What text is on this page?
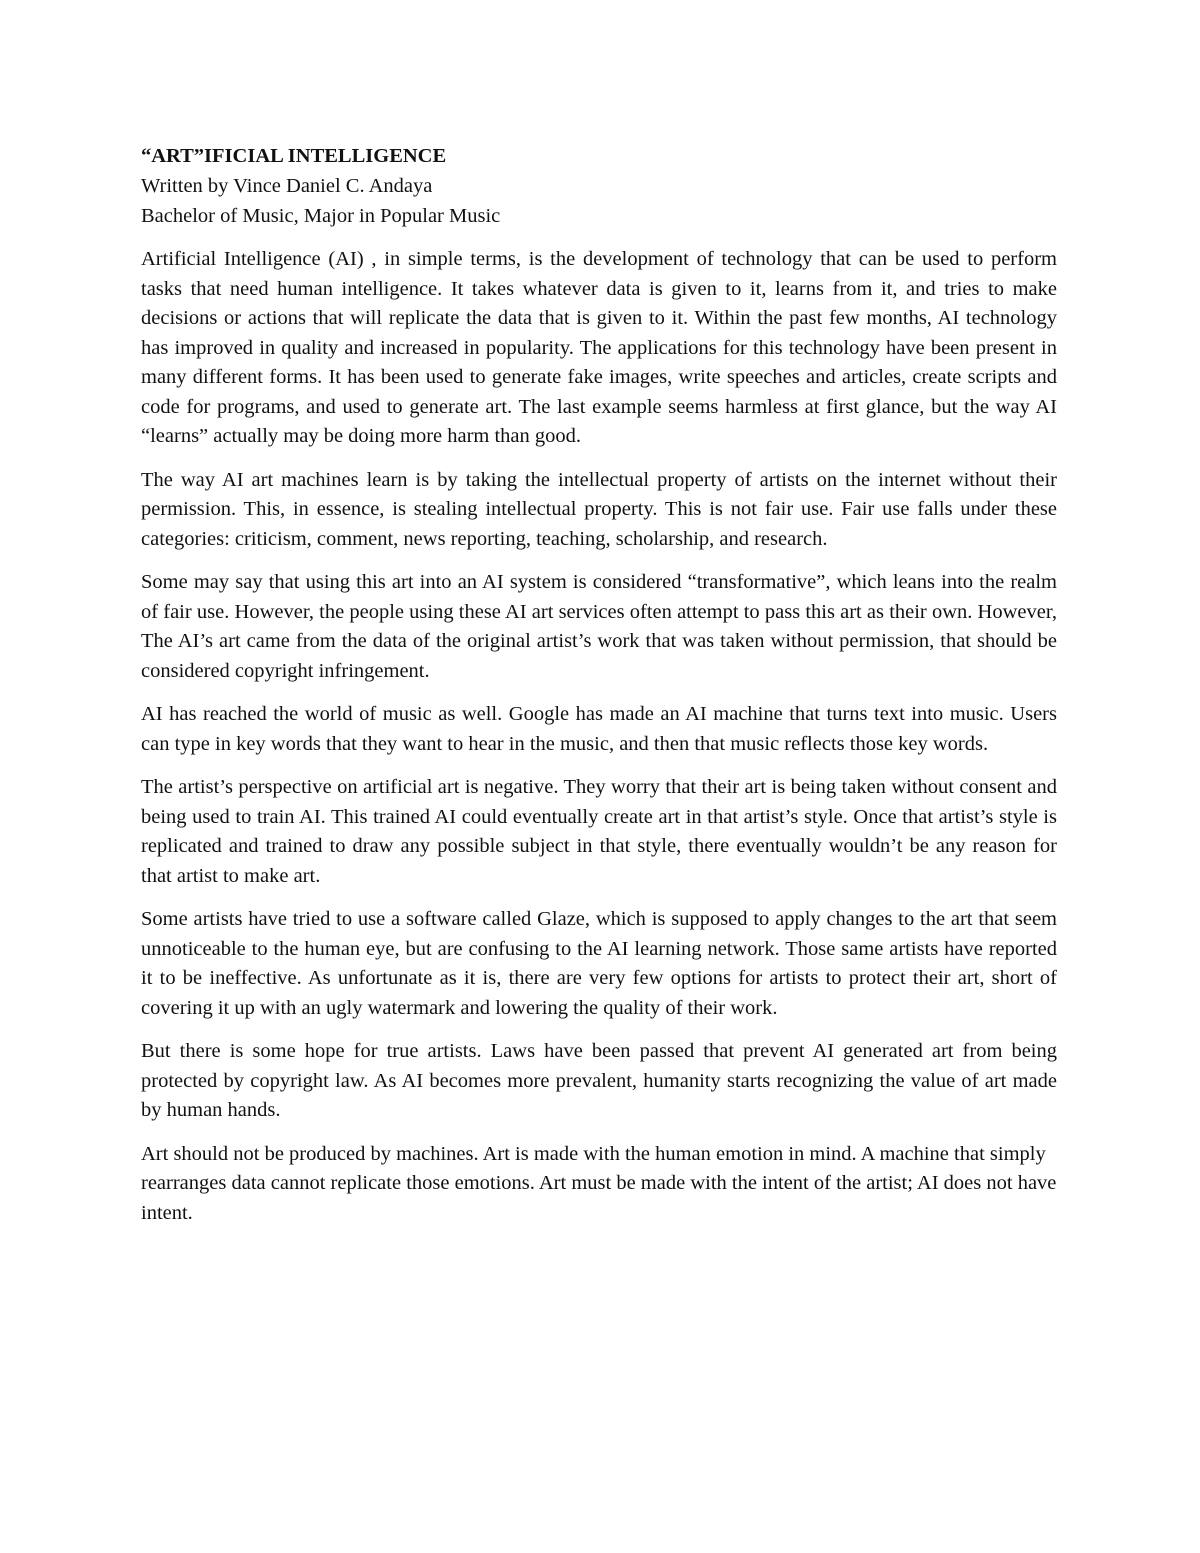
“ART”IFICIAL INTELLIGENCE

Written by Vince Daniel C. Andaya

Bachelor of Music, Major in Popular Music

Artificial Intelligence (AI) , in simple terms, is the development of technology that can be used to perform tasks that need human intelligence. It takes whatever data is given to it, learns from it, and tries to make decisions or actions that will replicate the data that is given to it. Within the past few months, AI technology has improved in quality and increased in popularity. The applications for this technology have been present in many different forms. It has been used to generate fake images, write speeches and articles, create scripts and code for programs, and used to generate art. The last example seems harmless at first glance, but the way AI “learns” actually may be doing more harm than good.

The way AI art machines learn is by taking the intellectual property of artists on the internet without their permission. This, in essence, is stealing intellectual property. This is not fair use. Fair use falls under these categories: criticism, comment, news reporting, teaching, scholarship, and research.

Some may say that using this art into an AI system is considered “transformative”, which leans into the realm of fair use. However, the people using these AI art services often attempt to pass this art as their own. However, The AI’s art came from the data of the original artist’s work that was taken without permission, that should be considered copyright infringement.

AI has reached the world of music as well. Google has made an AI machine that turns text into music. Users can type in key words that they want to hear in the music, and then that music reflects those key words.

The artist’s perspective on artificial art is negative. They worry that their art is being taken without consent and being used to train AI. This trained AI could eventually create art in that artist’s style. Once that artist’s style is replicated and trained to draw any possible subject in that style, there eventually wouldn’t be any reason for that artist to make art.

Some artists have tried to use a software called Glaze, which is supposed to apply changes to the art that seem unnoticeable to the human eye, but are confusing to the AI learning network. Those same artists have reported it to be ineffective. As unfortunate as it is, there are very few options for artists to protect their art, short of covering it up with an ugly watermark and lowering the quality of their work.

But there is some hope for true artists. Laws have been passed that prevent AI generated art from being protected by copyright law. As AI becomes more prevalent, humanity starts recognizing the value of art made by human hands.

Art should not be produced by machines. Art is made with the human emotion in mind. A machine that simply rearranges data cannot replicate those emotions. Art must be made with the intent of the artist; AI does not have intent.
